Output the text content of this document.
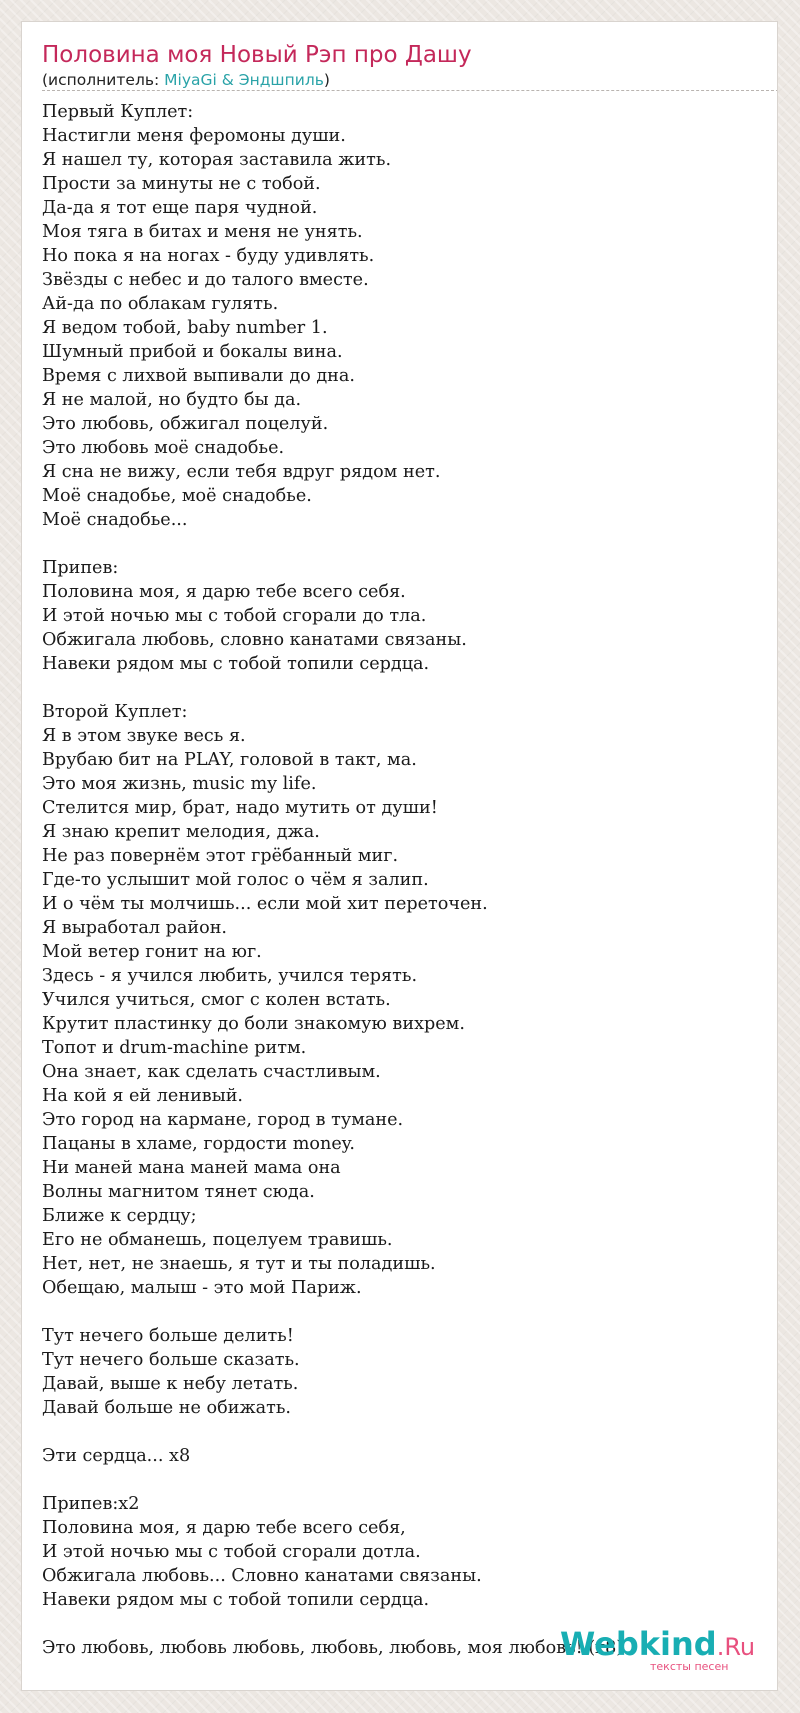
Половина моя Новый Рэп про Дашу
(исполнитель: MiyaGi & Эндшпиль)
Первый Куплет:
Настигли меня феромоны души.
Я нашел ту, которая заставила жить.
Прости за минуты не с тобой.
Да-да я тот еще паря чудной.
Моя тяга в битах и меня не унять.
Но пока я на ногах - буду удивлять.
Звёзды с небес и до талого вместе.
Ай-да по облакам гулять.
Я ведом тобой, baby number 1.
Шумный прибой и бокалы вина.
Время с лихвой выпивали до дна.
Я не малой, но будто бы да.
Это любовь, обжигал поцелуй.
Это любовь моё снадобье.
Я сна не вижу, если тебя вдруг рядом нет.
Моё снадобье, моё снадобье.
Моё снадобье...
Припев:
Половина моя, я дарю тебе всего себя.
И этой ночью мы с тобой сгорали до тла.
Обжигала любовь, словно канатами связаны.
Навеки рядом мы с тобой топили сердца.
Второй Куплет:
Я в этом звуке весь я.
Врубаю бит на PLAY, головой в такт, ма.
Это моя жизнь, music my life.
Стелится мир, брат, надо мутить от души!
Я знаю крепит мелодия, джа.
Не раз повернём этот грёбанный миг.
Где-то услышит мой голос о чём я залип.
И о чём ты молчишь... если мой хит переточен.
Я выработал район.
Мой ветер гонит на юг.
Здесь - я учился любить, учился терять.
Учился учиться, смог с колен встать.
Крутит пластинку до боли знакомую вихрем.
Топот и drum-machine ритм.
Она знает, как сделать счастливым.
На кой я ей ленивый.
Это город на кармане, город в тумане.
Пацаны в хламе, гордости money.
Ни маней мана маней мама она
Волны магнитом тянет сюда.
Ближе к сердцу;
Его не обманешь, поцелуем травишь.
Нет, нет, не знаешь, я тут и ты поладишь.
Обещаю, малыш - это мой Париж.
Тут нечего больше делить!
Тут нечего больше сказать.
Давай, выше к небу летать.
Давай больше не обижать.
Эти сердца... x8
Припев:x2
Половина моя, я дарю тебе всего себя,
И этой ночью мы с тобой сгорали дотла.
Обжигала любовь... Словно канатами связаны.
Навеки рядом мы с тобой топили сердца.
Это любовь, любовь любовь, любовь, любовь, моя любовь! (x8)
Webkind.Ru
тексты песен
